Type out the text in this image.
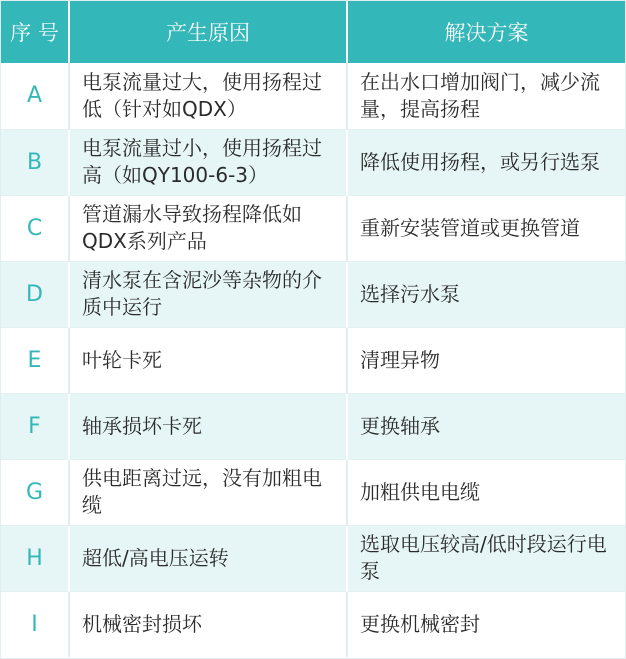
序 号	产生原因	解决方案
A	电泵流量过大，使用扬程过低（针对如QDX）	在出水口增加阀门，减少流量，提高扬程
B	电泵流量过小，使用扬程过高（如QY100-6-3）	降低使用扬程，或另行选泵
C	管道漏水导致扬程降低如QDX系列产品	重新安装管道或更换管道
D	清水泵在含泥沙等杂物的介质中运行	选择污水泵
E	叶轮卡死	清理异物
F	轴承损坏卡死	更换轴承
G	供电距离过远，没有加粗电缆	加粗供电电缆
H	超低/高电压运转	选取电压较高/低时段运行电泵
I	机械密封损坏	更换机械密封
